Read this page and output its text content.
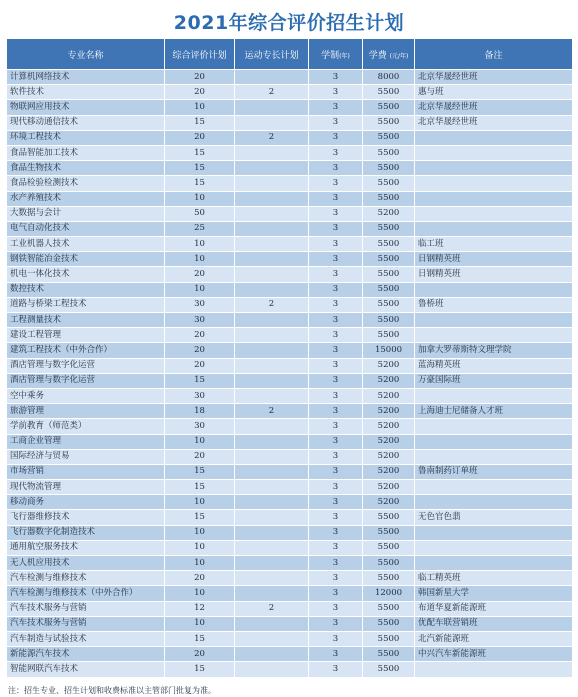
2021年综合评价招生计划
专业名称	综合评价计划	运动专长计划	学制(年)	学费 (元/年)	备注
计算机网络技术	20		3	8000	北京华晟经世班
软件技术	20	2	3	5500	惠与班
物联网应用技术	10		3	5500	北京华晟经世班
现代移动通信技术	15		3	5500	北京华晟经世班
环境工程技术	20	2	3	5500	
食品智能加工技术	15		3	5500	
食品生物技术	15		3	5500	
食品检验检测技术	15		3	5500	
水产养殖技术	10		3	5500	
大数据与会计	50		3	5200	
电气自动化技术	25		3	5500	
工业机器人技术	10		3	5500	临工班
钢铁智能冶金技术	10		3	5500	日钢精英班
机电一体化技术	20		3	5500	日钢精英班
数控技术	10		3	5500	
道路与桥梁工程技术	30	2	3	5500	鲁桥班
工程测量技术	30		3	5500	
建设工程管理	20		3	5500	
建筑工程技术（中外合作）	20		3	15000	加拿大罗蒂斯特文理学院
酒店管理与数字化运营	20		3	5200	蓝海精英班
酒店管理与数字化运营	15		3	5200	万豪国际班
空中乘务	30		3	5200	
旅游管理	18	2	3	5200	上海迪士尼储备人才班
学前教育（师范类）	30		3	5200	
工商企业管理	10		3	5200	
国际经济与贸易	20		3	5200	
市场营销	15		3	5200	鲁南制药订单班
现代物流管理	15		3	5200	
移动商务	10		3	5200	
飞行器维修技术	15		3	5500	无色官色翡
飞行器数字化制造技术	10		3	5500	
通用航空服务技术	10		3	5500	
无人机应用技术	10		3	5500	
汽车检测与维修技术	20		3	5500	临工精英班
汽车检测与维修技术（中外合作）	10		3	12000	韩国新星大学
汽车技术服务与营销	12	2	3	5500	布道华夏新能源班
汽车技术服务与营销	10		3	5500	优配车联营销班
汽车制造与试验技术	15		3	5500	北汽新能源班
新能源汽车技术	20		3	5500	中兴汽车新能源班
智能网联汽车技术	15		3	5500	
注：招生专业、招生计划和收费标准以主管部门批复为准。
